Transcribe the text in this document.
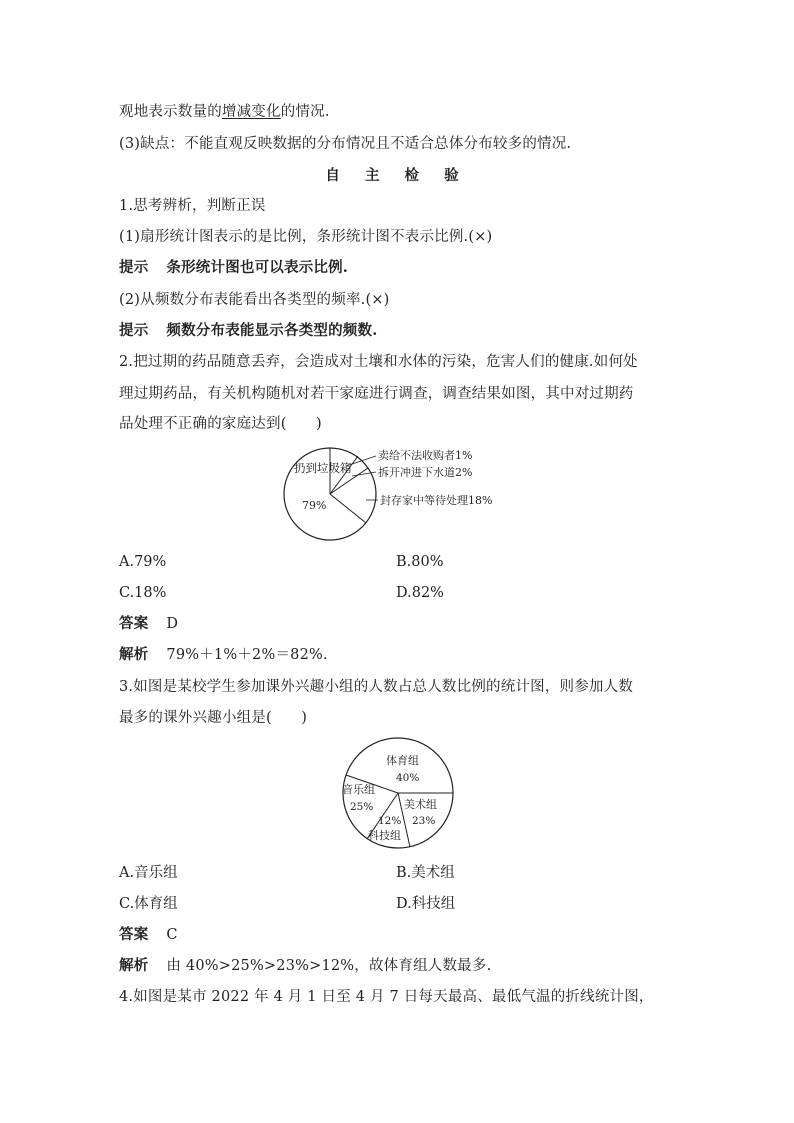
观地表示数量的增减变化的情况.
(3)缺点：不能直观反映数据的分布情况且不适合总体分布较多的情况.
自 主 检 验
1.思考辨析，判断正误
(1)扇形统计图表示的是比例，条形统计图不表示比例.(×)
提示 条形统计图也可以表示比例.
(2)从频数分布表能看出各类型的频率.(×)
提示 频数分布表能显示各类型的频数.
2.把过期的药品随意丢弃，会造成对土壤和水体的污染，危害人们的健康.如何处
理过期药品，有关机构随机对若干家庭进行调查，调查结果如图，其中对过期药
品处理不正确的家庭达到(　　)
扔到垃圾箱
79%
卖给不法收购者1%
拆开冲进下水道2%
封存家中等待处理18%
A.79%	B.80%
C.18%	D.82%
答案 D
解析 79%＋1%＋2%＝82%.
3.如图是某校学生参加课外兴趣小组的人数占总人数比例的统计图，则参加人数
最多的课外兴趣小组是(　　)
体育组
40%
音乐组
25%	美术组
23%
12%
科技组
A.音乐组	B.美术组
C.体育组	D.科技组
答案 C
解析 由 40%>25%>23%>12%，故体育组人数最多.
4.如图是某市 2022 年 4 月 1 日至 4 月 7 日每天最高、最低气温的折线统计图，
